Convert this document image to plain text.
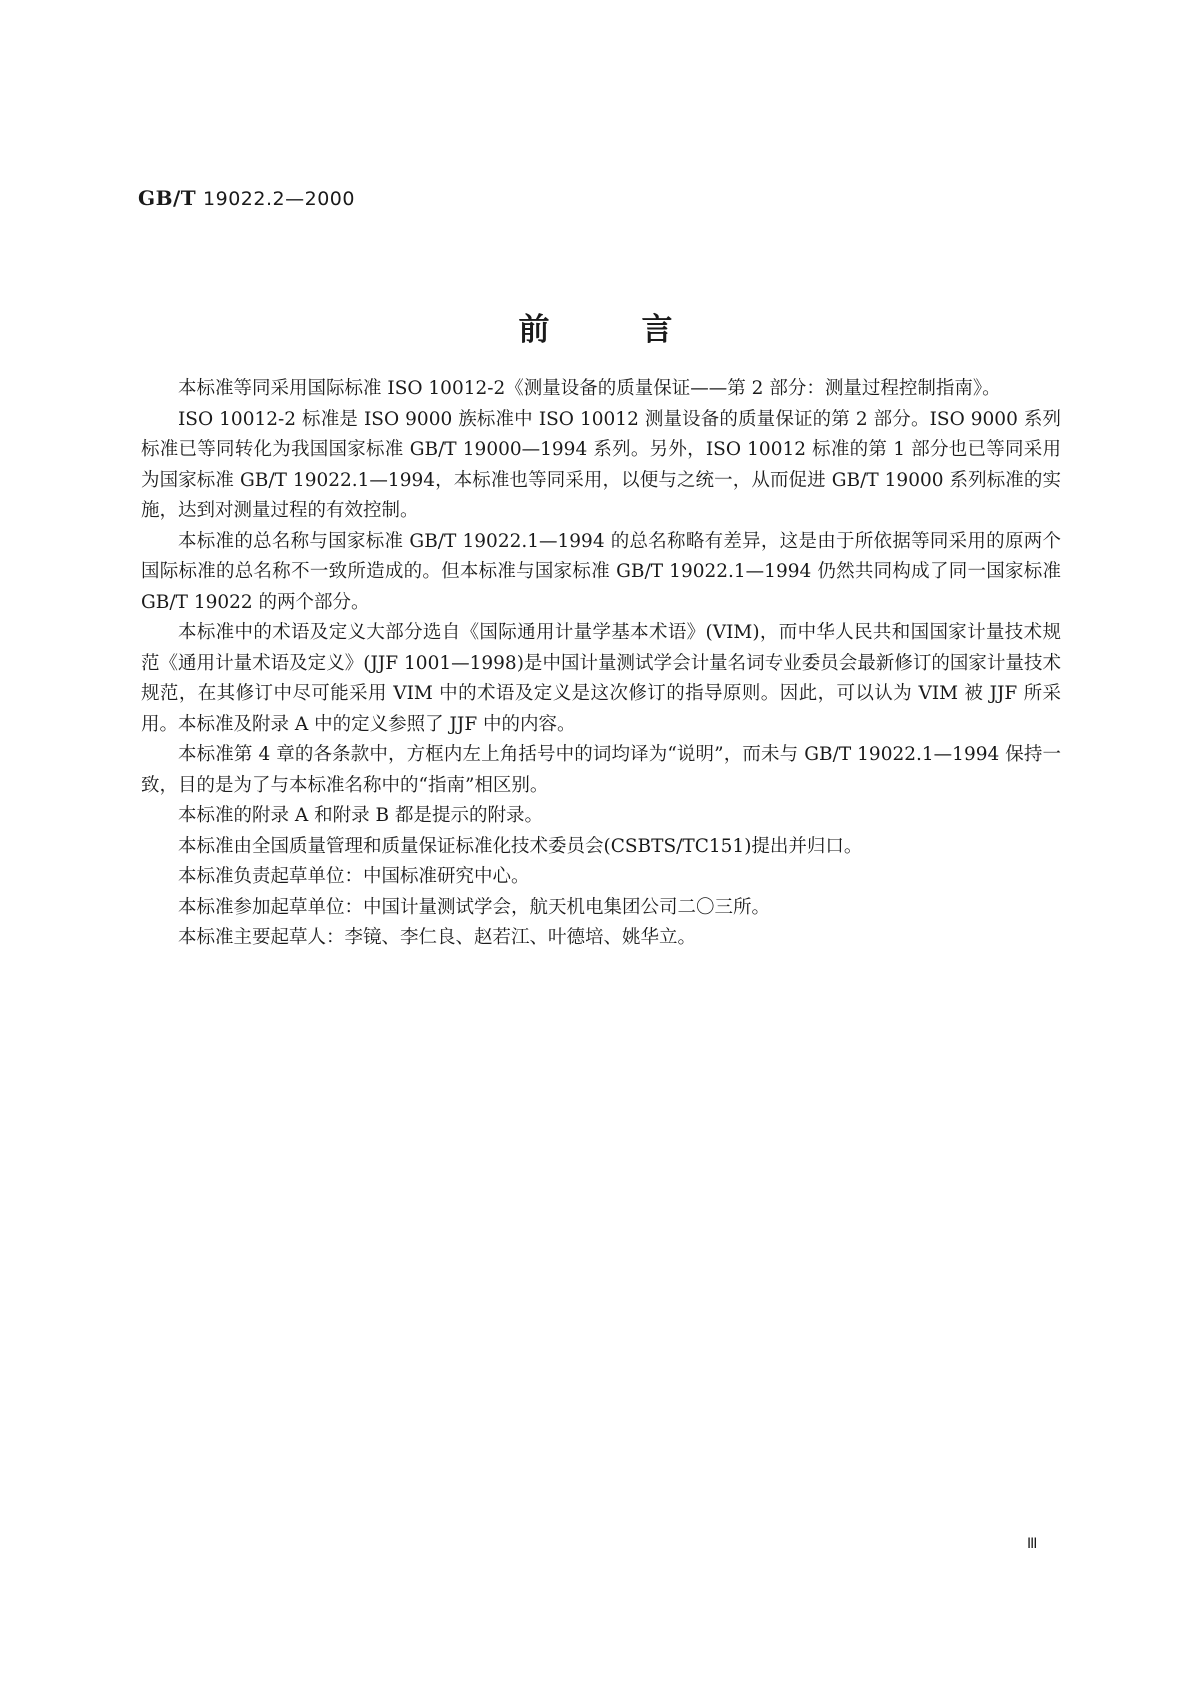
GB/T 19022.2—2000
前言

本标准等同采用国际标准 ISO 10012-2《测量设备的质量保证——第 2 部分：测量过程控制指南》。

ISO 10012-2 标准是 ISO 9000 族标准中 ISO 10012 测量设备的质量保证的第 2 部分。ISO 9000 系列标准已等同转化为我国国家标准 GB/T 19000—1994 系列。另外，ISO 10012 标准的第 1 部分也已等同采用为国家标准 GB/T 19022.1—1994，本标准也等同采用，以便与之统一，从而促进 GB/T 19000 系列标准的实施，达到对测量过程的有效控制。

本标准的总名称与国家标准 GB/T 19022.1—1994 的总名称略有差异，这是由于所依据等同采用的原两个国际标准的总名称不一致所造成的。但本标准与国家标准 GB/T 19022.1—1994 仍然共同构成了同一国家标准 GB/T 19022 的两个部分。

本标准中的术语及定义大部分选自《国际通用计量学基本术语》(VIM)，而中华人民共和国国家计量技术规范《通用计量术语及定义》(JJF 1001—1998)是中国计量测试学会计量名词专业委员会最新修订的国家计量技术规范，在其修订中尽可能采用 VIM 中的术语及定义是这次修订的指导原则。因此，可以认为 VIM 被 JJF 所采用。本标准及附录 A 中的定义参照了 JJF 中的内容。

本标准第 4 章的各条款中，方框内左上角括号中的词均译为“说明”，而未与 GB/T 19022.1—1994 保持一致，目的是为了与本标准名称中的“指南”相区别。

本标准的附录 A 和附录 B 都是提示的附录。

本标准由全国质量管理和质量保证标准化技术委员会(CSBTS/TC151)提出并归口。

本标准负责起草单位：中国标准研究中心。

本标准参加起草单位：中国计量测试学会，航天机电集团公司二〇三所。

本标准主要起草人：李镜、李仁良、赵若江、叶德培、姚华立。

III
